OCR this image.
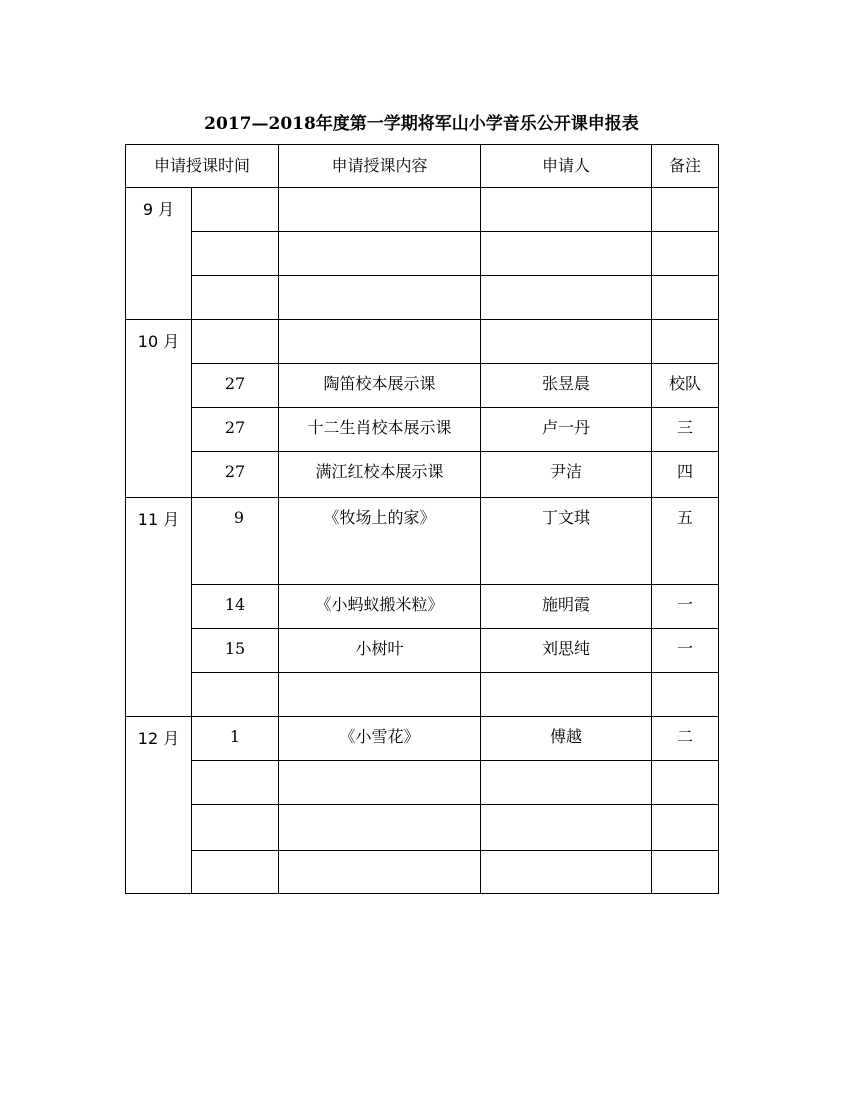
2017—2018年度第一学期将军山小学音乐公开课申报表
申请授课时间		申请授课内容	申请人	备注

9 月				

10 月				

	27	陶笛校本展示课	张昱晨	校队

	27	十二生肖校本展示课	卢一丹	三

	27	满江红校本展示课	尹洁	四

11 月	9	《牧场上的家》	丁文琪	五

	14	《小蚂蚁搬米粒》	施明霞	一

	15	小树叶	刘思纯	一

12 月	1	《小雪花》	傅越	二
